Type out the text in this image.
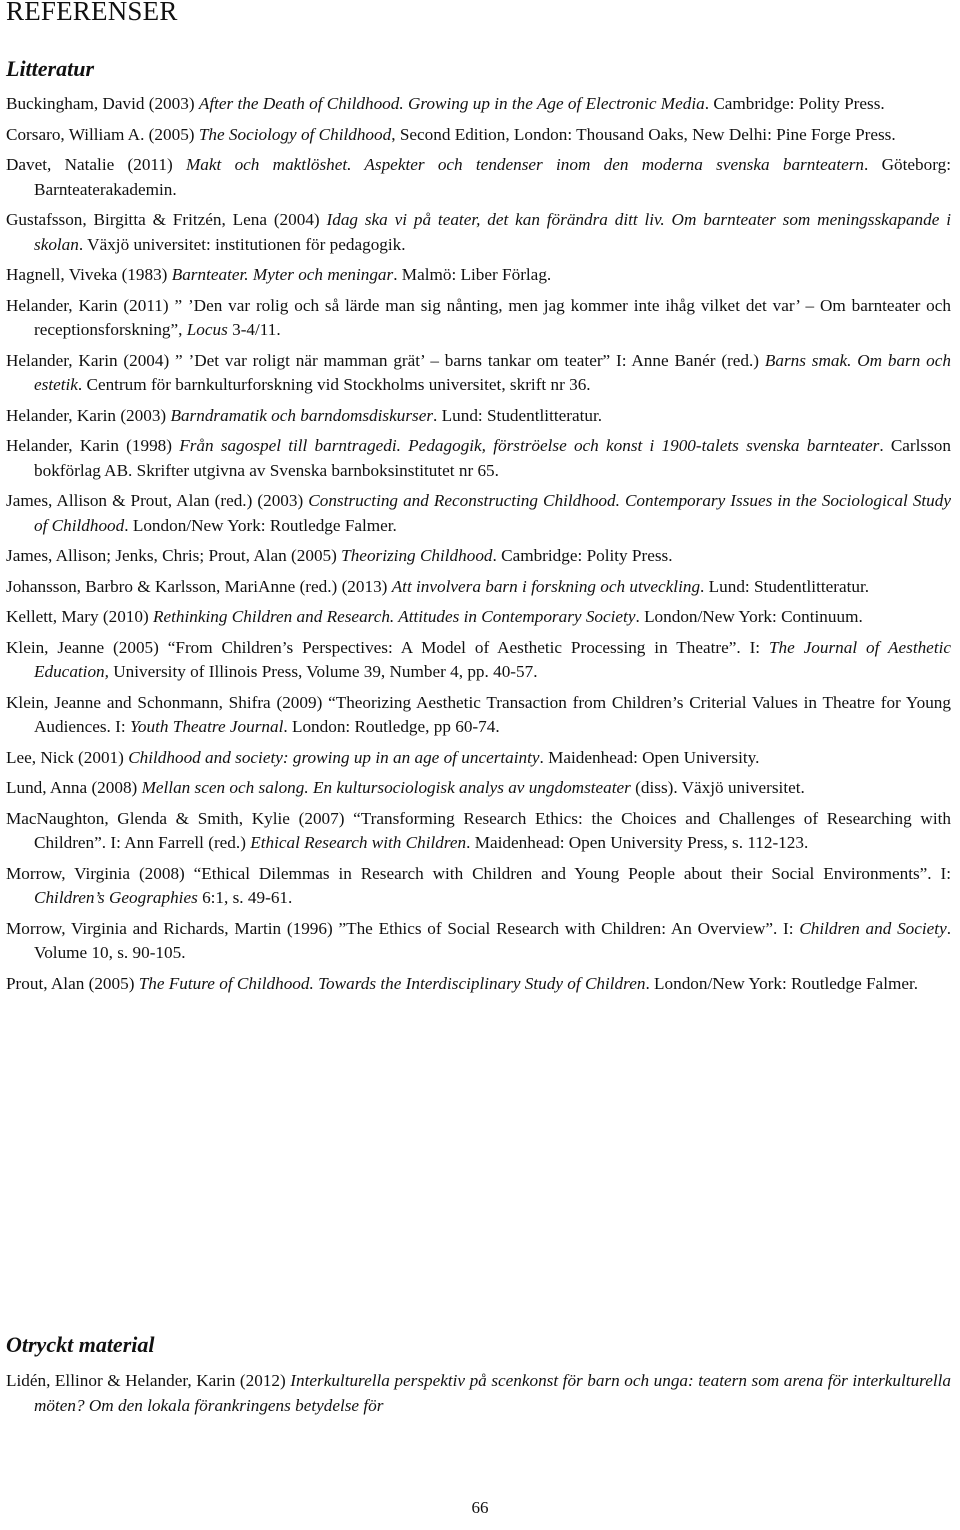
REFERENSER
Litteratur

Buckingham, David (2003) After the Death of Childhood. Growing up in the Age of Electronic Media. Cambridge: Polity Press.

Corsaro, William A. (2005) The Sociology of Childhood, Second Edition, London: Thousand Oaks, New Delhi: Pine Forge Press.

Davet, Natalie (2011) Makt och maktlöshet. Aspekter och tendenser inom den moderna svenska barnteatern. Göteborg: Barnteaterakademin.

Gustafsson, Birgitta & Fritzén, Lena (2004) Idag ska vi på teater, det kan förändra ditt liv. Om barnteater som meningsskapande i skolan. Växjö universitet: institutionen för pedagogik.

Hagnell, Viveka (1983) Barnteater. Myter och meningar. Malmö: Liber Förlag.

Helander, Karin (2011) ” ’Den var rolig och så lärde man sig nånting, men jag kommer inte ihåg vilket det var’ – Om barnteater och receptionsforskning”, Locus 3-4/11.

Helander, Karin (2004) ” ’Det var roligt när mamman grät’ – barns tankar om teater” I: Anne Banér (red.) Barns smak. Om barn och estetik. Centrum för barnkulturforskning vid Stockholms universitet, skrift nr 36.

Helander, Karin (2003) Barndramatik och barndomsdiskurser. Lund: Studentlitteratur.

Helander, Karin (1998) Från sagospel till barntragedi. Pedagogik, förströelse och konst i 1900-talets svenska barnteater. Carlsson bokförlag AB. Skrifter utgivna av Svenska barnboksinstitutet nr 65.

James, Allison & Prout, Alan (red.) (2003) Constructing and Reconstructing Childhood. Contemporary Issues in the Sociological Study of Childhood. London/New York: Routledge Falmer.

James, Allison; Jenks, Chris; Prout, Alan (2005) Theorizing Childhood. Cambridge: Polity Press.

Johansson, Barbro & Karlsson, MariAnne (red.) (2013) Att involvera barn i forskning och utveckling. Lund: Studentlitteratur.

Kellett, Mary (2010) Rethinking Children and Research. Attitudes in Contemporary Society. London/New York: Continuum.

Klein, Jeanne (2005) “From Children’s Perspectives: A Model of Aesthetic Processing in Theatre”. I: The Journal of Aesthetic Education, University of Illinois Press, Volume 39, Number 4, pp. 40-57.

Klein, Jeanne and Schonmann, Shifra (2009) “Theorizing Aesthetic Transaction from Children’s Criterial Values in Theatre for Young Audiences. I: Youth Theatre Journal. London: Routledge, pp 60-74.

Lee, Nick (2001) Childhood and society: growing up in an age of uncertainty. Maidenhead: Open University.

Lund, Anna (2008) Mellan scen och salong. En kultursociologisk analys av ungdomsteater (diss). Växjö universitet.

MacNaughton, Glenda & Smith, Kylie (2007) “Transforming Research Ethics: the Choices and Challenges of Researching with Children”. I: Ann Farrell (red.) Ethical Research with Children. Maidenhead: Open University Press, s. 112-123.

Morrow, Virginia (2008) “Ethical Dilemmas in Research with Children and Young People about their Social Environments”. I: Children’s Geographies 6:1, s. 49-61.

Morrow, Virginia and Richards, Martin (1996) ”The Ethics of Social Research with Children: An Overview”. I: Children and Society. Volume 10, s. 90-105.

Prout, Alan (2005) The Future of Childhood. Towards the Interdisciplinary Study of Children. London/New York: Routledge Falmer.

Otryckt material

Lidén, Ellinor & Helander, Karin (2012) Interkulturella perspektiv på scenkonst för barn och unga: teatern som arena för interkulturella möten? Om den lokala förankringens betydelse för

66
